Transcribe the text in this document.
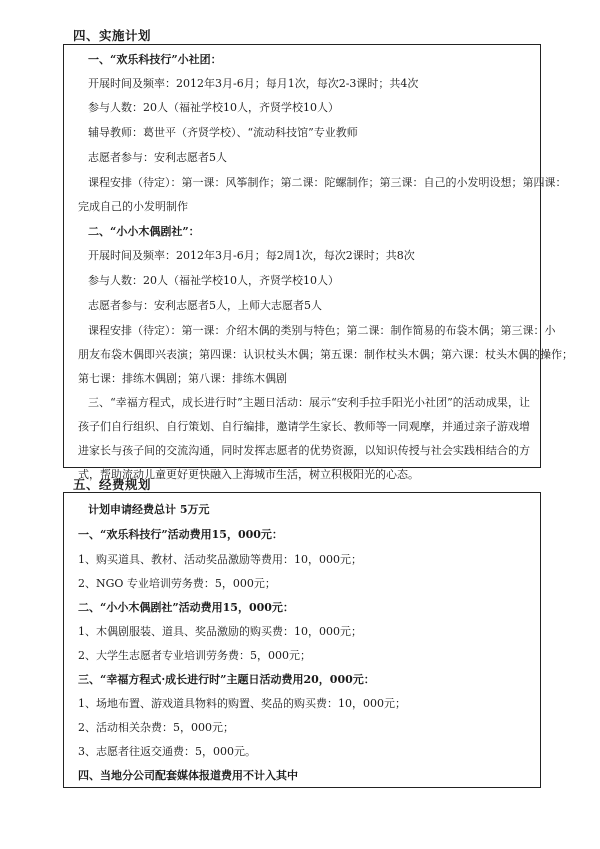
四、实施计划
一、“欢乐科技行”小社团：
开展时间及频率：2012年3月-6月；每月1次，每次2-3课时；共4次
参与人数：20人（福祉学校10人，齐贤学校10人）
辅导教师：葛世平（齐贤学校）、“流动科技馆”专业教师
志愿者参与：安利志愿者5人
课程安排（待定）：第一课：风筝制作；第二课：陀螺制作；第三课：自己的小发明设想；第四课：
完成自己的小发明制作
二、“小小木偶剧社”：
开展时间及频率：2012年3月-6月；每2周1次，每次2课时；共8次
参与人数：20人（福祉学校10人，齐贤学校10人）
志愿者参与：安利志愿者5人，上师大志愿者5人
课程安排（待定）：第一课：介绍木偶的类别与特色；第二课：制作简易的布袋木偶；第三课：小
朋友布袋木偶即兴表演；第四课：认识杖头木偶；第五课：制作杖头木偶；第六课：杖头木偶的操作；
第七课：排练木偶剧；第八课：排练木偶剧
三、“幸福方程式，成长进行时”主题日活动：展示“安利手拉手阳光小社团”的活动成果，让孩子们自行组织、自行策划、自行编排，邀请学生家长、教师等一同观摩，并通过亲子游戏增进家长与孩子间的交流沟通，同时发挥志愿者的优势资源，以知识传授与社会实践相结合的方式，帮助流动儿童更好更快融入上海城市生活，树立积极阳光的心态。
五、经费规划
计划申请经费总计 5万元
一、“欢乐科技行”活动费用15，000元：
1、购买道具、教材、活动奖品激励等费用：10，000元；
2、NGO 专业培训劳务费：5，000元；
二、“小小木偶剧社”活动费用15，000元：
1、木偶剧服装、道具、奖品激励的购买费：10，000元；
2、大学生志愿者专业培训劳务费：5，000元；
三、“幸福方程式·成长进行时”主题日活动费用20，000元：
1、场地布置、游戏道具物料的购置、奖品的购买费：10，000元；
2、活动相关杂费：5，000元；
3、志愿者往返交通费：5，000元。
四、当地分公司配套媒体报道费用不计入其中
